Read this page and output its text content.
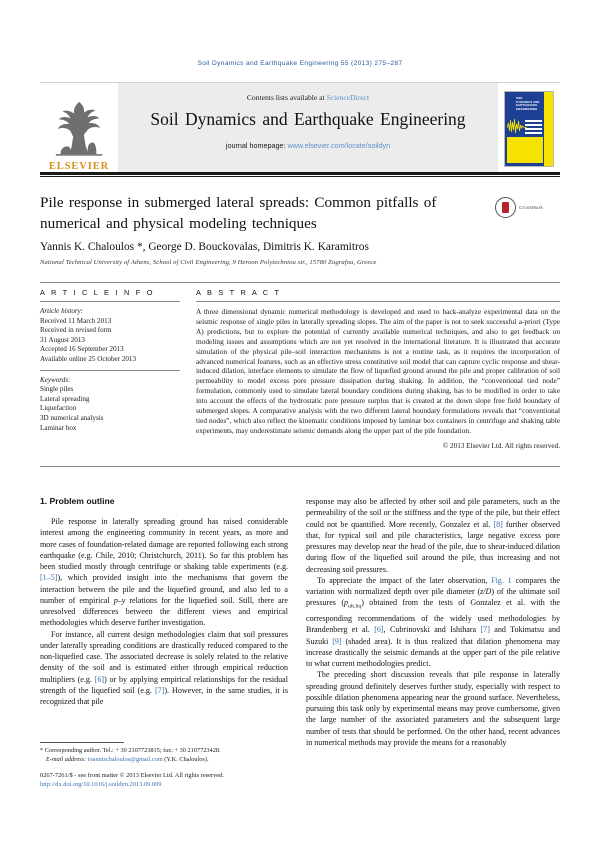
Soil Dynamics and Earthquake Engineering 55 (2013) 275–287
ELSEVIER
Contents lists available at ScienceDirect
Soil Dynamics and Earthquake Engineering
journal homepage: www.elsevier.com/locate/soildyn
SOIL DYNAMICS AND EARTHQUAKE ENGINEERING
Pile response in submerged lateral spreads: Common pitfalls of numerical and physical modeling techniques
CrossMark
Yannis K. Chaloulos *, George D. Bouckovalas, Dimitris K. Karamitros
National Technical University of Athens, School of Civil Engineering, 9 Heroon Polytechniou str., 15780 Zografou, Greece
A R T I C L E I N F O
Article history:
Received 11 March 2013
Received in revised form
31 August 2013
Accepted 16 September 2013
Available online 25 October 2013
Keywords:
Single piles
Lateral spreading
Liquefaction
3D numerical analysis
Laminar box
A B S T R A C T
A three dimensional dynamic numerical methodology is developed and used to back-analyze experimental data on the seismic response of single piles in laterally spreading slopes. The aim of the paper is not to seek successful a-priori (Type A) predictions, but to explore the potential of currently available numerical techniques, and also to get feedback on modeling issues and assumptions which are not yet resolved in the international literature. It is illustrated that accurate simulation of the physical pile–soil interaction mechanisms is not a routine task, as it requires the incorporation of advanced numerical features, such as an effective stress constitutive soil model that can capture cyclic response and shear-induced dilation, interface elements to simulate the flow of liquefied ground around the pile and proper calibration of soil permeability to model excess pore pressure dissipation during shaking. In addition, the “conventional tied node” formulation, commonly used to simulate lateral boundary conditions during shaking, has to be modified in order to take into account the effects of the hydrostatic pore pressure surplus that is created at the down slope free field boundary of submerged slopes. A comparative analysis with the two different lateral boundary formulations reveals that “conventional tied nodes”, which also reflect the kinematic conditions imposed by laminar box containers in centrifuge and shaking table experiments, may underestimate seismic demands along the upper part of the pile foundation.
© 2013 Elsevier Ltd. All rights reserved.
1. Problem outline

Pile response in laterally spreading ground has raised considerable interest among the engineering community in recent years, as more and more cases of foundation-related damage are reported following each strong earthquake (e.g. Chile, 2010; Christchurch, 2011). So far this problem has been studied mostly through centrifuge or shaking table experiments (e.g. [1–5]), which provided insight into the mechanisms that govern the interaction between the pile and the liquefied ground, and also led to a number of empirical p–y relations for the liquefied soil. Still, there are unresolved differences between the different views and empirical methodologies which deserve further investigation.

For instance, all current design methodologies claim that soil pressures under laterally spreading conditions are drastically reduced compared to the non-liquefied case. The associated decrease is solely related to the relative density of the soil and is estimated either through empirical reduction multipliers (e.g. [6]) or by applying empirical relationships for the residual strength of the liquefied soil (e.g. [7]). However, in the same studies, it is recognized that pile

response may also be affected by other soil and pile parameters, such as the permeability of the soil or the stiffness and the type of the pile, but their effect could not be quantified. More recently, Gonzalez et al. [8] further observed that, for typical soil and pile characteristics, large negative excess pore pressures may develop near the head of the pile, due to shear-induced dilation during flow of the liquefied soil around the pile, thus increasing and not decreasing soil pressures.

To appreciate the impact of the later observation, Fig. 1 compares the variation with normalized depth over pile diameter (z/D) of the ultimate soil pressures $(p_{ult,liq})$ obtained from the tests of Gonzalez et al. with the corresponding recommendations of the widely used methodologies by Brandenberg et al. [6], Cubrinovski and Ishihara [7] and Tokimatsu and Suzuki [9] (shaded area). It is thus realized that dilation phenomena may increase drastically the seismic demands at the upper part of the pile relative to what current methodologies predict.

The preceding short discussion reveals that pile response in laterally spreading ground definitely deserves further study, especially with respect to possible dilation phenomena appearing near the ground surface. Nevertheless, pursuing this task only by experimental means may prove cumbersome, given the large number of the associated parameters and the subsequent large number of tests that should be performed. On the other hand, recent advances in numerical methods may provide the means for a reasonably

* Corresponding author. Tel.: + 30 2107723815; fax: + 30 2107723428.
E-mail address: ioannischaloulos@gmail.com (Y.K. Chaloulos).
0267-7261/$ - see front matter © 2013 Elsevier Ltd. All rights reserved.
http://dx.doi.org/10.1016/j.soildyn.2013.09.009
